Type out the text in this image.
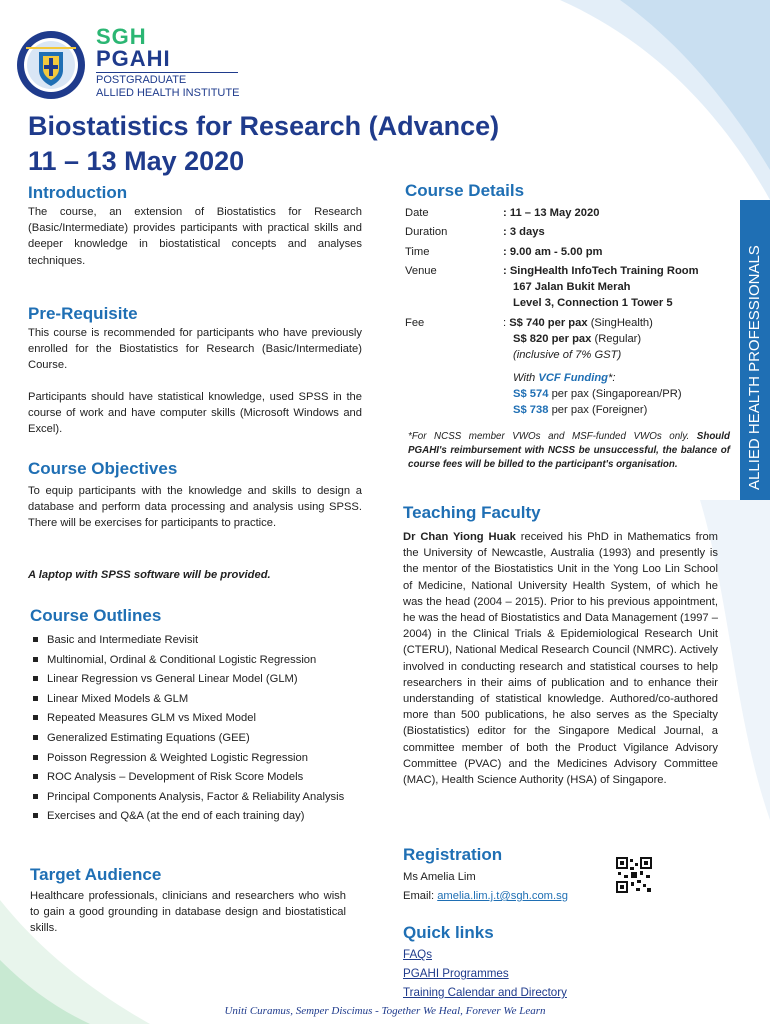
SGH
PGAHI
POSTGRADUATE
ALLIED HEALTH INSTITUTE
Biostatistics for Research (Advance)
11 – 13 May 2020
ALLIED HEALTH PROFESSIONALS
Introduction

The course, an extension of Biostatistics for Research (Basic/Intermediate) provides participants with practical skills and deeper knowledge in biostatistical concepts and analyses techniques.

Pre-Requisite

This course is recommended for participants who have previously enrolled for the Biostatistics for Research (Basic/Intermediate) Course.

Participants should have statistical knowledge, used SPSS in the course of work and have computer skills (Microsoft Windows and Excel).

Course Objectives

To equip participants with the knowledge and skills to design a database and perform data processing and analysis using SPSS. There will be exercises for participants to practice.

A laptop with SPSS software will be provided.

Course Outlines
Basic and Intermediate Revisit
Multinomial, Ordinal & Conditional Logistic Regression
Linear Regression vs General Linear Model (GLM)
Linear Mixed Models & GLM
Repeated Measures GLM vs Mixed Model
Generalized Estimating Equations (GEE)
Poisson Regression & Weighted Logistic Regression
ROC Analysis – Development of Risk Score Models
Principal Components Analysis, Factor & Reliability Analysis
Exercises and Q&A (at the end of each training day)
Target Audience

Healthcare professionals, clinicians and researchers who wish to gain a good grounding in database design and biostatistical skills.

Course Details
Date	: 11 – 13 May 2020
Duration	: 3 days
Time	: 9.00 am - 5.00 pm
Venue	: SingHealth InfoTech Training Room
167 Jalan Bukit Merah
Level 3, Connection 1 Tower 5
Fee	: S$ 740 per pax (SingHealth)
S$ 820 per pax (Regular)
(inclusive of 7% GST)
With VCF Funding*:
S$ 574 per pax (Singaporean/PR)
S$ 738 per pax (Foreigner)
*For NCSS member VWOs and MSF-funded VWOs only. Should PGAHI's reimbursement with NCSS be unsuccessful, the balance of course fees will be billed to the participant's organisation.
Teaching Faculty

Dr Chan Yiong Huak received his PhD in Mathematics from the University of Newcastle, Australia (1993) and presently is the mentor of the Biostatistics Unit in the Yong Loo Lin School of Medicine, National University Health System, of which he was the head (2004 – 2015). Prior to his previous appointment, he was the head of Biostatistics and Data Management (1997 – 2004) in the Clinical Trials & Epidemiological Research Unit (CTERU), National Medical Research Council (NMRC). Actively involved in conducting research and statistical courses to help researchers in their aims of publication and to enhance their understanding of statistical knowledge. Authored/co-authored more than 500 publications, he also serves as the Specialty (Biostatistics) editor for the Singapore Medical Journal, a committee member of both the Product Vigilance Advisory Committee (PVAC) and the Medicines Advisory Committee (MAC), Health Science Authority (HSA) of Singapore.

Registration
Ms Amelia Lim
Email: amelia.lim.j.t@sgh.com.sg
Quick links
FAQs
PGAHI Programmes
Training Calendar and Directory
Uniti Curamus, Semper Discimus - Together We Heal, Forever We Learn
